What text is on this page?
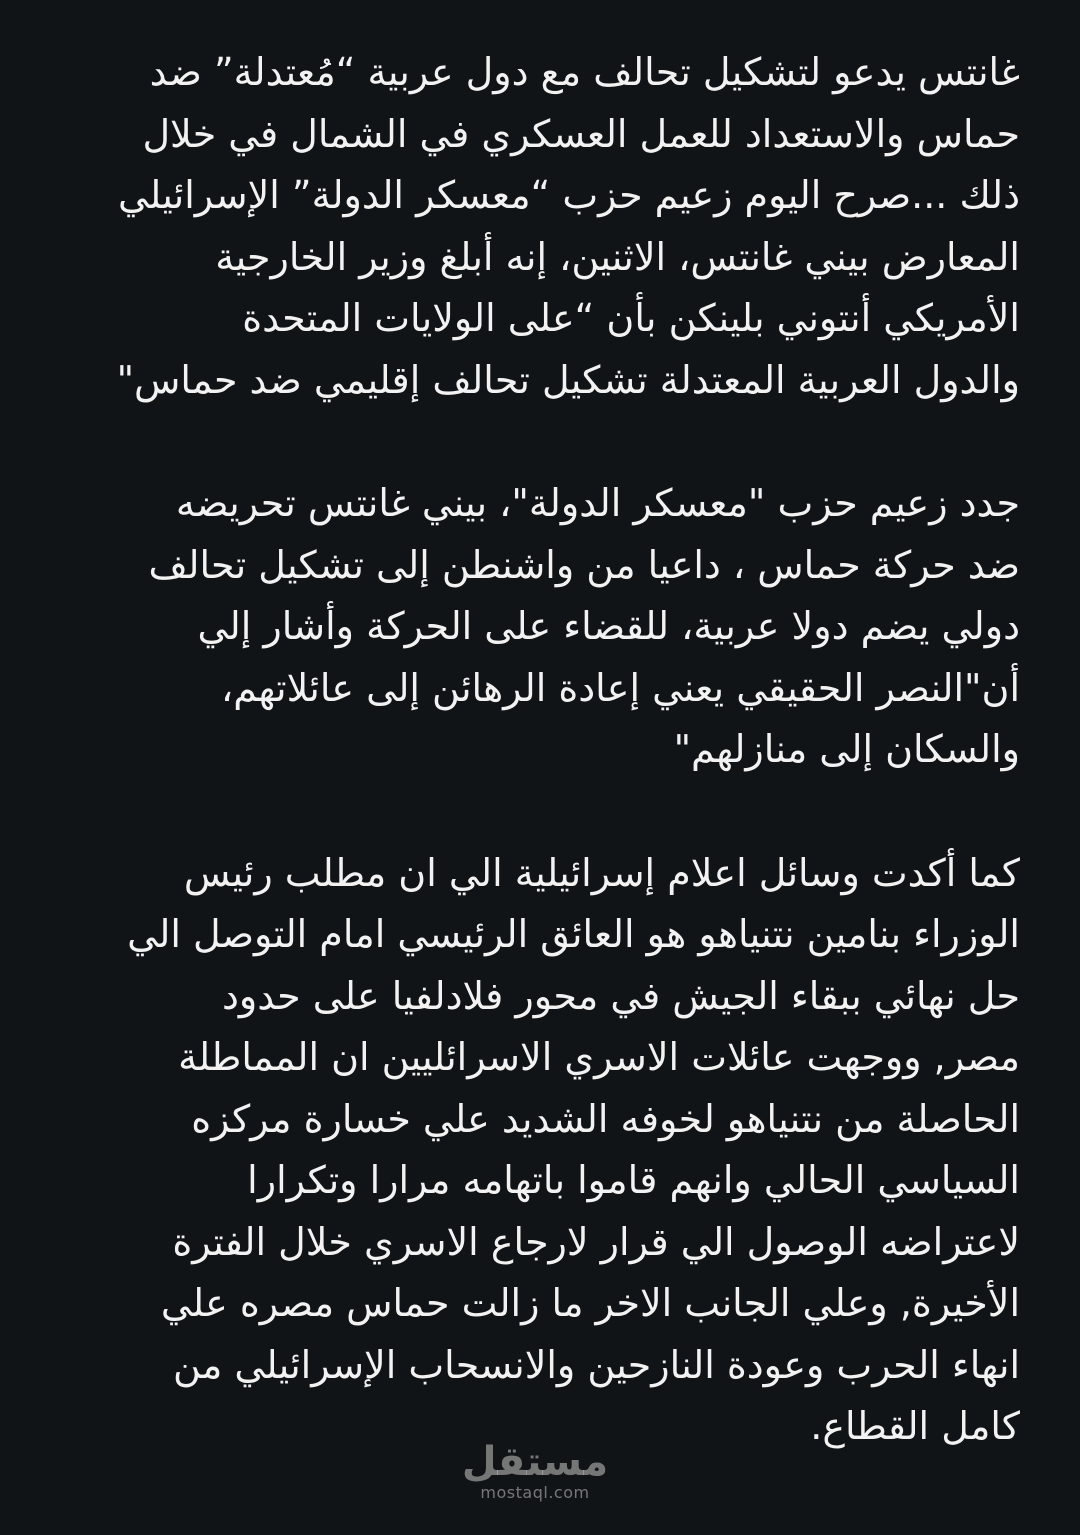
غانتس يدعو لتشكيل تحالف مع دول عربية “مُعتدلة” ضد
حماس والاستعداد للعمل العسكري في الشمال في خلال
ذلك ...صرح اليوم زعيم حزب “معسكر الدولة” الإسرائيلي
المعارض بيني غانتس، الاثنين، إنه أبلغ وزير الخارجية
الأمريكي أنتوني بلينكن بأن “على الولايات المتحدة
والدول العربية المعتدلة تشكيل تحالف إقليمي ضد حماس"

جدد زعيم حزب "معسكر الدولة"، بيني غانتس تحريضه
ضد حركة حماس ، داعيا من واشنطن إلى تشكيل تحالف
دولي يضم دولا عربية، للقضاء على الحركة وأشار إلي
أن"النصر الحقيقي يعني إعادة الرهائن إلى عائلاتهم،
والسكان إلى منازلهم"

كما أكدت وسائل اعلام إسرائيلية الي ان مطلب رئيس
الوزراء بنامين نتنياهو هو العائق الرئيسي امام التوصل الي
حل نهائي ببقاء الجيش في محور فلادلفيا على حدود
مصر, ووجهت عائلات الاسري الاسرائليين ان المماطلة
الحاصلة من نتنياهو لخوفه الشديد علي خسارة مركزه
السياسي الحالي وانهم قاموا باتهامه مرارا وتكرارا
لاعتراضه الوصول الي قرار لارجاع الاسري خلال الفترة
الأخيرة, وعلي الجانب الاخر ما زالت حماس مصره علي
انهاء الحرب وعودة النازحين والانسحاب الإسرائيلي من
كامل القطاع.

مستقل
mostaql.com
